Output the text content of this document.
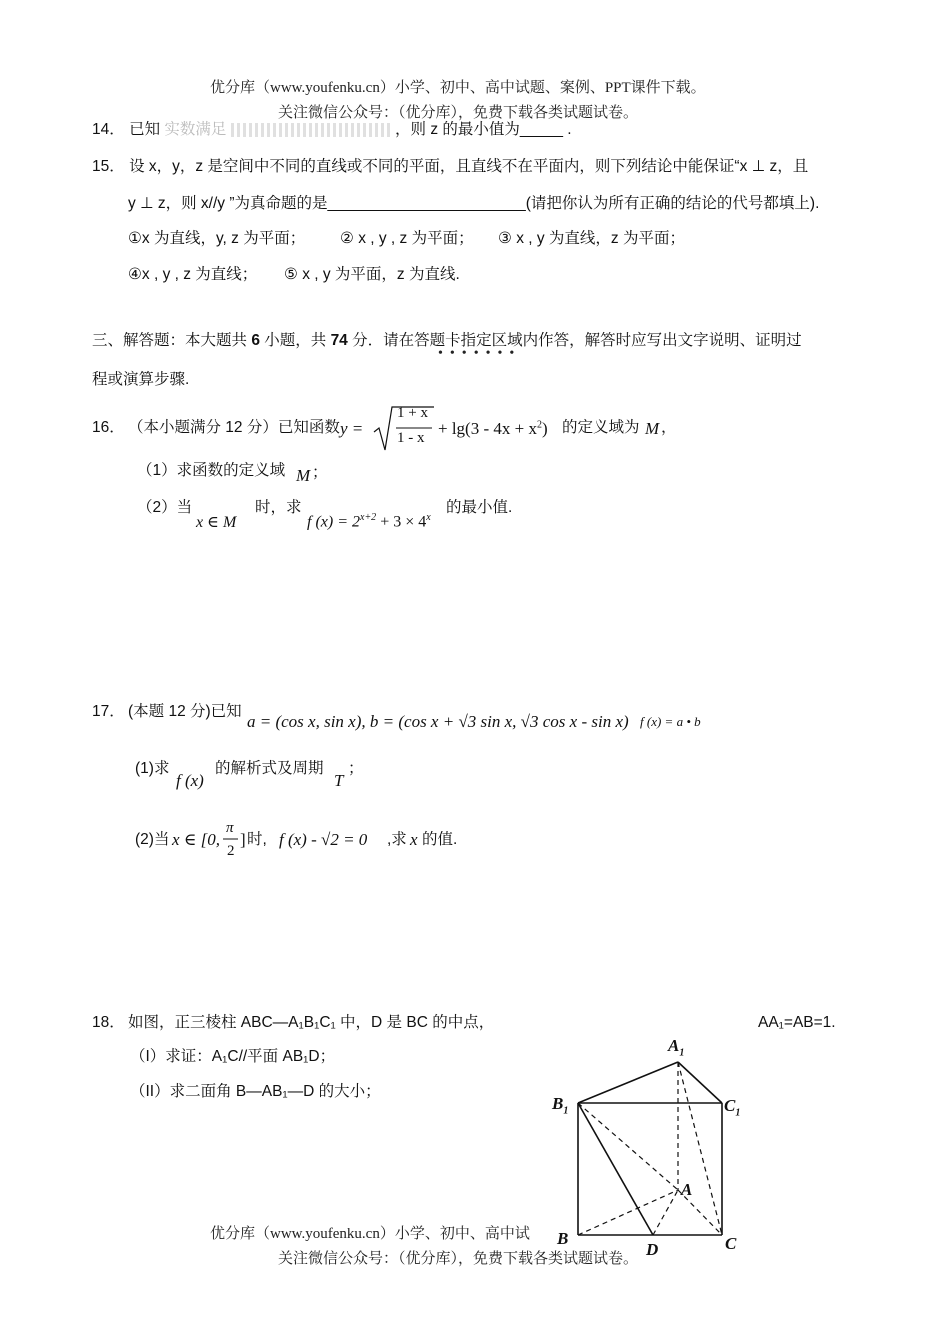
优分库（www.youfenku.cn）小学、初中、高中试题、案例、PPT课件下载。
关注微信公众号：（优分库），免费下载各类试题试卷。
14． 已知 实数满足	，则 z 的最小值为_____ .
15． 设 x，y，z 是空间中不同的直线或不同的平面，且直线不在平面内，则下列结论中能保证“x ⊥ z，且
y ⊥ z，则 x//y ”为真命题的是_______________________(请把你认为所有正确的结论的代号都填上).
①x 为直线，y, z 为平面； ② x , y , z 为平面； ③ x , y 为直线，z 为平面；
④x , y , z 为直线； ⑤ x , y 为平面，z 为直线.
三、解答题：本大题共 6 小题，共 74 分．请在答题卡指定区域内作答，解答时应写出文字说明、证明过
•••••••
程或演算步骤.
16． （本小题满分 12 分）已知函数 y =
1 + x
$1 - x + \lg(3 - 4x + x^2)$ 的定义域为 M ，
（1）求函数的定义域 M ；
（2）当
x ∈ M
时，求
f $(x) = 2^{x+2} + 3 \times 4^x$
的最小值.
17． (本题 12 分)已知
a = (cos x, sin x), b = (cos x + √3 sin x, √3 cos x - sin x) f (x) = a • b
(1)求
f (x)
的解析式及周期
T
；
(2)当 x ∈ [0,
π
2
] 时, f (x) - √2 = 0 ,求 x 的值.
18． 如图，正三棱柱 ABC—A₁B₁C₁ 中，D 是 BC 的中点，	AA₁=AB=1.
（I）求证：A₁C//平面 AB₁D；
（II）求二面角 B—AB₁—D 的大小；
$A_1$
$B_1$	$C_1$
A
B	C
D
优分库（www.youfenku.cn）小学、初中、高中试
关注微信公众号：（优分库），免费下载各类试题试卷。
